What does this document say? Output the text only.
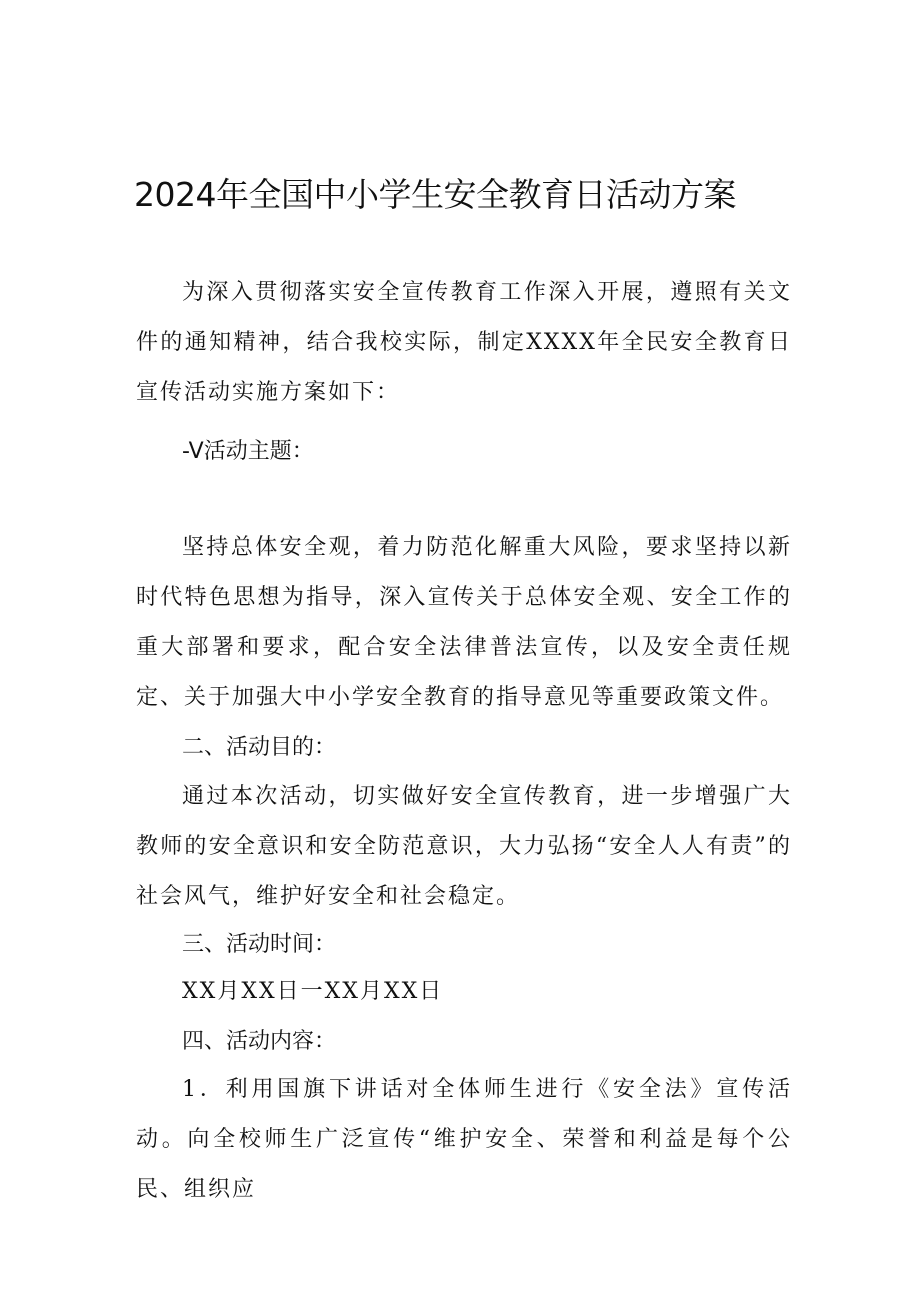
2024年全国中小学生安全教育日活动方案

为深入贯彻落实安全宣传教育工作深入开展，遵照有关文件的通知精神，结合我校实际，制定XXXX年全民安全教育日宣传活动实施方案如下：

-V活动主题：

坚持总体安全观，着力防范化解重大风险，要求坚持以新时代特色思想为指导，深入宣传关于总体安全观、安全工作的重大部署和要求，配合安全法律普法宣传，以及安全责任规定、关于加强大中小学安全教育的指导意见等重要政策文件。

二、活动目的：

通过本次活动，切实做好安全宣传教育，进一步增强广大教师的安全意识和安全防范意识，大力弘扬“安全人人有责”的社会风气，维护好安全和社会稳定。

三、活动时间：

XX月XX日一XX月XX日

四、活动内容：

1．利用国旗下讲话对全体师生进行《安全法》宣传活动。向全校师生广泛宣传“维护安全、荣誉和利益是每个公民、组织应
